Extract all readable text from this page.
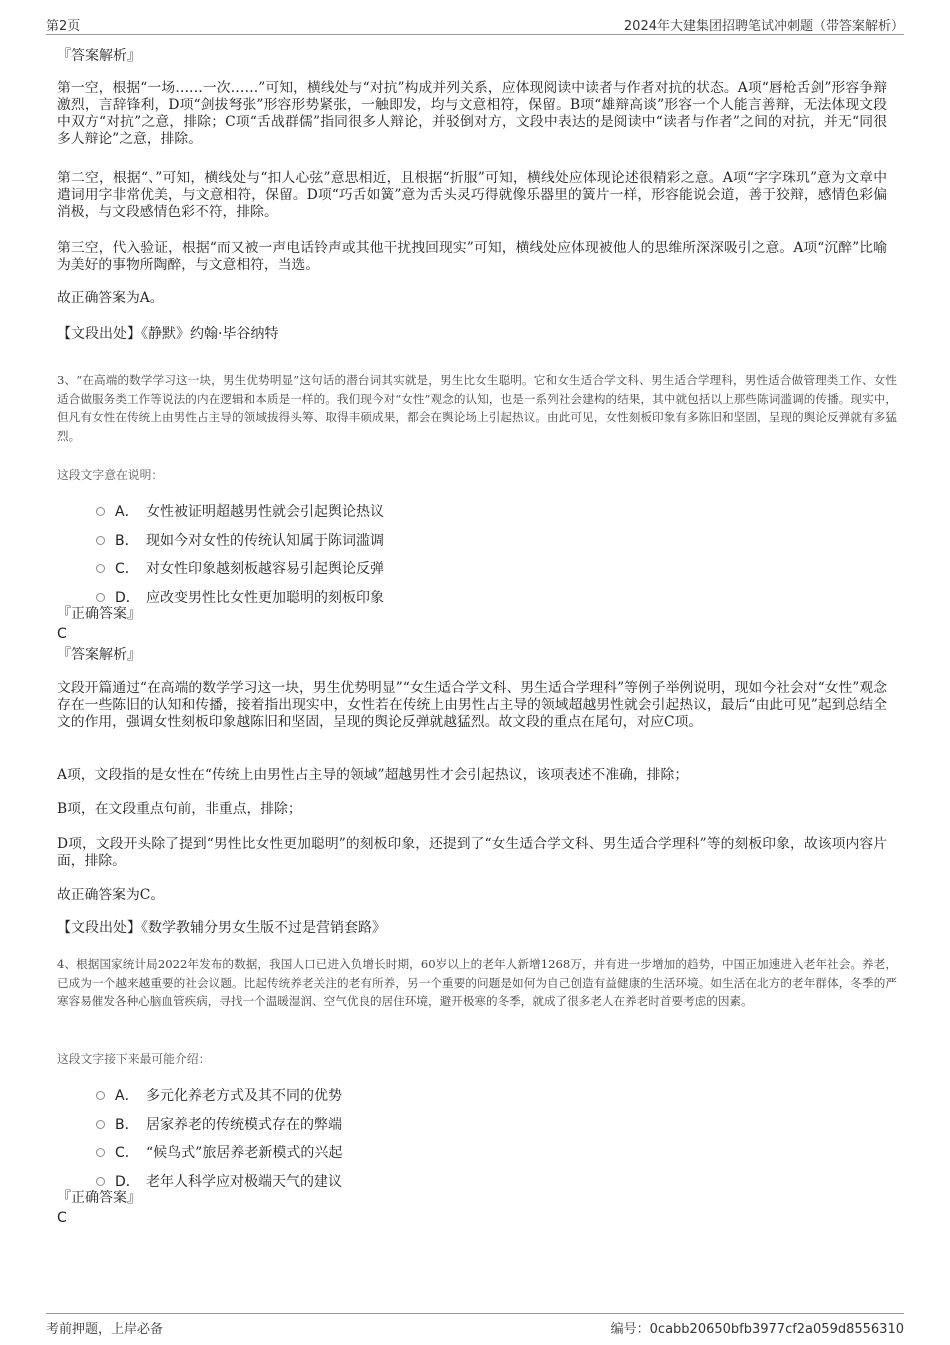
第2页	2024年大建集团招聘笔试冲刺题（带答案解析）
『答案解析』

第一空，根据“一场……一次……”可知，横线处与“对抗”构成并列关系，应体现阅读中读者与作者对抗的状态。A项“唇枪舌剑”形容争辩激烈，言辞锋利，D项“剑拔弩张”形容形势紧张，一触即发，均与文意相符，保留。B项“雄辩高谈”形容一个人能言善辩，无法体现文段中双方“对抗”之意，排除；C项“舌战群儒”指同很多人辩论，并驳倒对方，文段中表达的是阅读中“读者与作者”之间的对抗，并无“同很多人辩论”之意，排除。

第二空，根据“、”可知，横线处与“扣人心弦”意思相近，且根据“折服”可知，横线处应体现论述很精彩之意。A项“字字珠玑”意为文章中遣词用字非常优美，与文意相符，保留。D项“巧舌如簧”意为舌头灵巧得就像乐器里的簧片一样，形容能说会道，善于狡辩，感情色彩偏消极，与文段感情色彩不符，排除。

第三空，代入验证，根据“而又被一声电话铃声或其他干扰拽回现实”可知，横线处应体现被他人的思维所深深吸引之意。A项“沉醉”比喻为美好的事物所陶醉，与文意相符，当选。

故正确答案为A。

【文段出处】《静默》约翰·毕谷纳特

3、“在高端的数学学习这一块，男生优势明显”这句话的潜台词其实就是，男生比女生聪明。它和女生适合学文科、男生适合学理科，男性适合做管理类工作、女性适合做服务类工作等说法的内在逻辑和本质是一样的。我们现今对“女性”观念的认知，也是一系列社会建构的结果，其中就包括以上那些陈词滥调的传播。现实中，但凡有女性在传统上由男性占主导的领域拔得头筹、取得丰硕成果，都会在舆论场上引起热议。由此可见，女性刻板印象有多陈旧和坚固，呈现的舆论反弹就有多猛烈。

这段文字意在说明：
A． 女性被证明超越男性就会引起舆论热议
B． 现如今对女性的传统认知属于陈词滥调
C． 对女性印象越刻板越容易引起舆论反弹
D． 应改变男性比女性更加聪明的刻板印象
『正确答案』
C
『答案解析』

文段开篇通过“在高端的数学学习这一块，男生优势明显”“女生适合学文科、男生适合学理科”等例子举例说明，现如今社会对“女性”观念存在一些陈旧的认知和传播，接着指出现实中，女性若在传统上由男性占主导的领域超越男性就会引起热议，最后“由此可见”起到总结全文的作用，强调女性刻板印象越陈旧和坚固，呈现的舆论反弹就越猛烈。故文段的重点在尾句，对应C项。

A项，文段指的是女性在“传统上由男性占主导的领域”超越男性才会引起热议，该项表述不准确，排除；

B项，在文段重点句前，非重点，排除；

D项，文段开头除了提到“男性比女性更加聪明”的刻板印象，还提到了“女生适合学文科、男生适合学理科”等的刻板印象，故该项内容片面，排除。

故正确答案为C。

【文段出处】《数学教辅分男女生版不过是营销套路》

4、根据国家统计局2022年发布的数据，我国人口已进入负增长时期，60岁以上的老年人新增1268万，并有进一步增加的趋势，中国正加速进入老年社会。养老，已成为一个越来越重要的社会议题。比起传统养老关注的老有所养，另一个重要的问题是如何为自己创造有益健康的生活环境。如生活在北方的老年群体，冬季的严寒容易催发各种心脑血管疾病，寻找一个温暖湿润、空气优良的居住环境，避开极寒的冬季，就成了很多老人在养老时首要考虑的因素。

这段文字接下来最可能介绍：
A． 多元化养老方式及其不同的优势
B． 居家养老的传统模式存在的弊端
C． “候鸟式”旅居养老新模式的兴起
D． 老年人科学应对极端天气的建议
『正确答案』
C
考前押题，上岸必备	编号：0cabb20650bfb3977cf2a059d8556310
